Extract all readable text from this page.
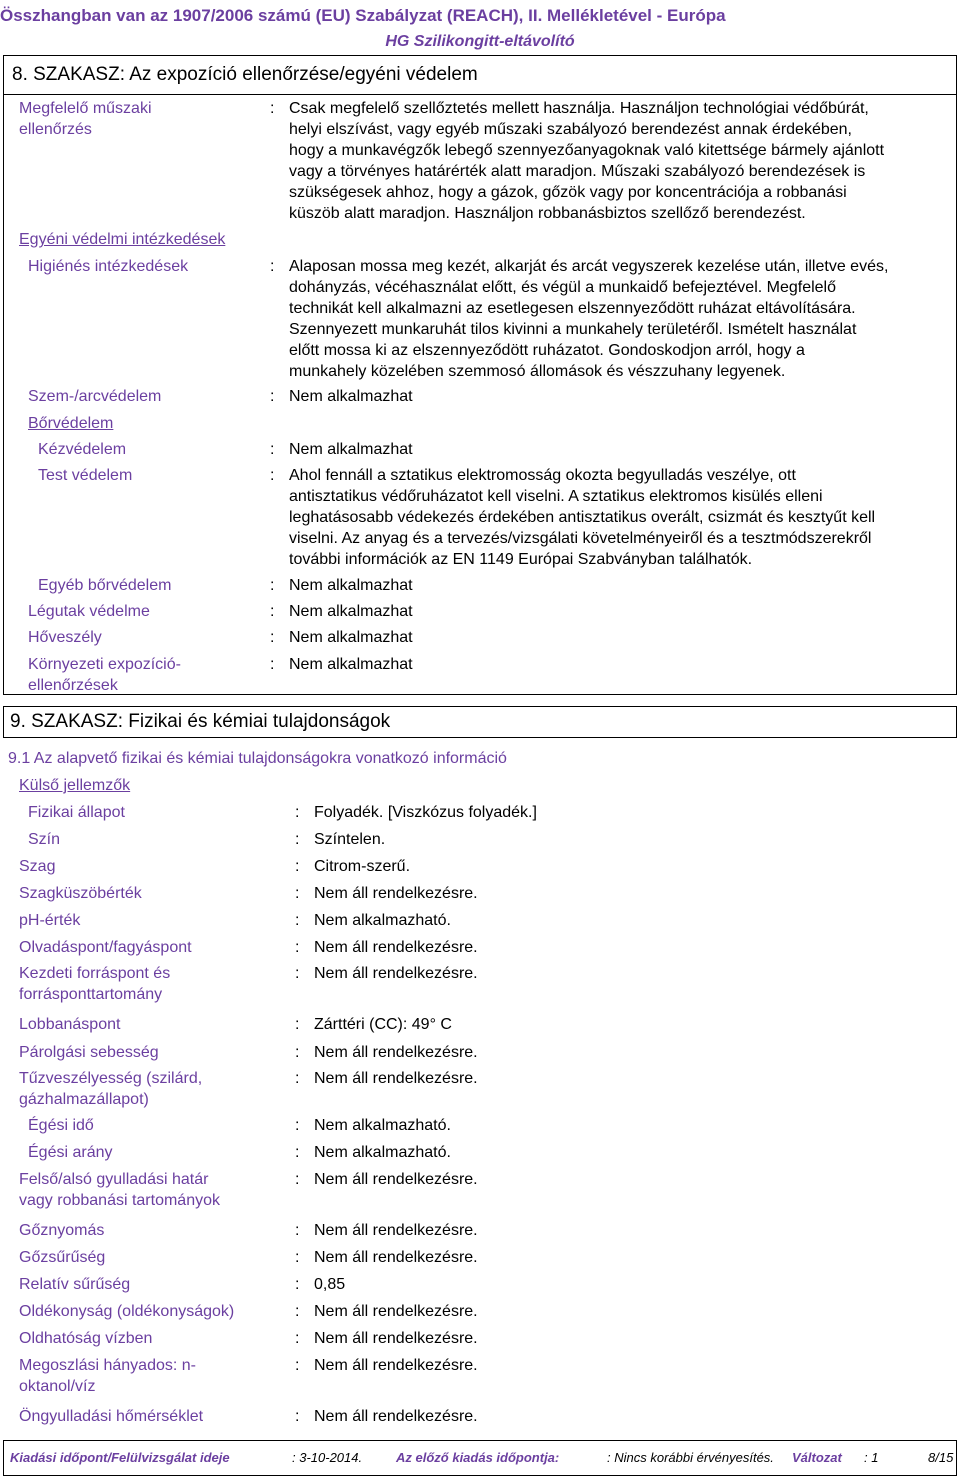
Összhangban van az 1907/2006 számú (EU) Szabályzat (REACH), II. Mellékletével - Európa
HG Szilikongitt-eltávolító
8. SZAKASZ: Az expozíció ellenőrzése/egyéni védelem
Megfelelő műszaki
ellenőrzés
: Csak megfelelő szellőztetés mellett használja. Használjon technológiai védőbúrát,
helyi elszívást, vagy egyéb műszaki szabályozó berendezést annak érdekében,
hogy a munkavégzők lebegő szennyezőanyagoknak való kitettsége bármely ajánlott
vagy a törvényes határérték alatt maradjon. Műszaki szabályozó berendezések is
szükségesek ahhoz, hogy a gázok, gőzök vagy por koncentrációja a robbanási
küszöb alatt maradjon. Használjon robbanásbiztos szellőző berendezést.
Egyéni védelmi intézkedések
Higiénés intézkedések	: Alaposan mossa meg kezét, alkarját és arcát vegyszerek kezelése után, illetve evés,
dohányzás, vécéhasználat előtt, és végül a munkaidő befejeztével. Megfelelő
technikát kell alkalmazni az esetlegesen elszennyeződött ruházat eltávolítására.
Szennyezett munkaruhát tilos kivinni a munkahely területéről. Ismételt használat
előtt mossa ki az elszennyeződött ruházatot. Gondoskodjon arról, hogy a
munkahely közelében szemmosó állomások és vészzuhany legyenek.
Szem-/arcvédelem	: Nem alkalmazhat
Bőrvédelem
Kézvédelem	: Nem alkalmazhat
Test védelem	: Ahol fennáll a sztatikus elektromosság okozta begyulladás veszélye, ott
antisztatikus védőruházatot kell viselni. A sztatikus elektromos kisülés elleni
leghatásosabb védekezés érdekében antisztatikus overált, csizmát és kesztyűt kell
viselni. Az anyag és a tervezés/vizsgálati követelményeiről és a tesztmódszerekről
további információk az EN 1149 Európai Szabványban találhatók.
Egyéb bőrvédelem	: Nem alkalmazhat
Légutak védelme	: Nem alkalmazhat
Hőveszély	: Nem alkalmazhat
Környezeti expozíció-
ellenőrzések
: Nem alkalmazhat
9. SZAKASZ: Fizikai és kémiai tulajdonságok
9.1 Az alapvető fizikai és kémiai tulajdonságokra vonatkozó információ
Külső jellemzők
Fizikai állapot	: Folyadék. [Viszkózus folyadék.]
Szín	: Színtelen.
Szag	: Citrom-szerű.
Szagküszöbérték	: Nem áll rendelkezésre.
pH-érték	: Nem alkalmazható.
Olvadáspont/fagyáspont	: Nem áll rendelkezésre.
Kezdeti forráspont és
forrásponttartomány
: Nem áll rendelkezésre.
Lobbanáspont	: Zárttéri (CC): 49° C
Párolgási sebesség	: Nem áll rendelkezésre.
Tűzveszélyesség (szilárd,
gázhalmazállapot)
: Nem áll rendelkezésre.
Égési idő	: Nem alkalmazható.
Égési arány	: Nem alkalmazható.
Felső/alsó gyulladási határ
vagy robbanási tartományok
: Nem áll rendelkezésre.
Gőznyomás	: Nem áll rendelkezésre.
Gőzsűrűség	: Nem áll rendelkezésre.
Relatív sűrűség	: 0,85
Oldékonyság (oldékonyságok)	: Nem áll rendelkezésre.
Oldhatóság vízben	: Nem áll rendelkezésre.
Megoszlási hányados: n-
oktanol/víz
: Nem áll rendelkezésre.
Öngyulladási hőmérséklet	: Nem áll rendelkezésre.
Kiadási időpont/Felülvizsgálat ideje	: 3-10-2014.	Az előző kiadás időpontja:	: Nincs korábbi érvényesítés. Változat : 1	8/15
